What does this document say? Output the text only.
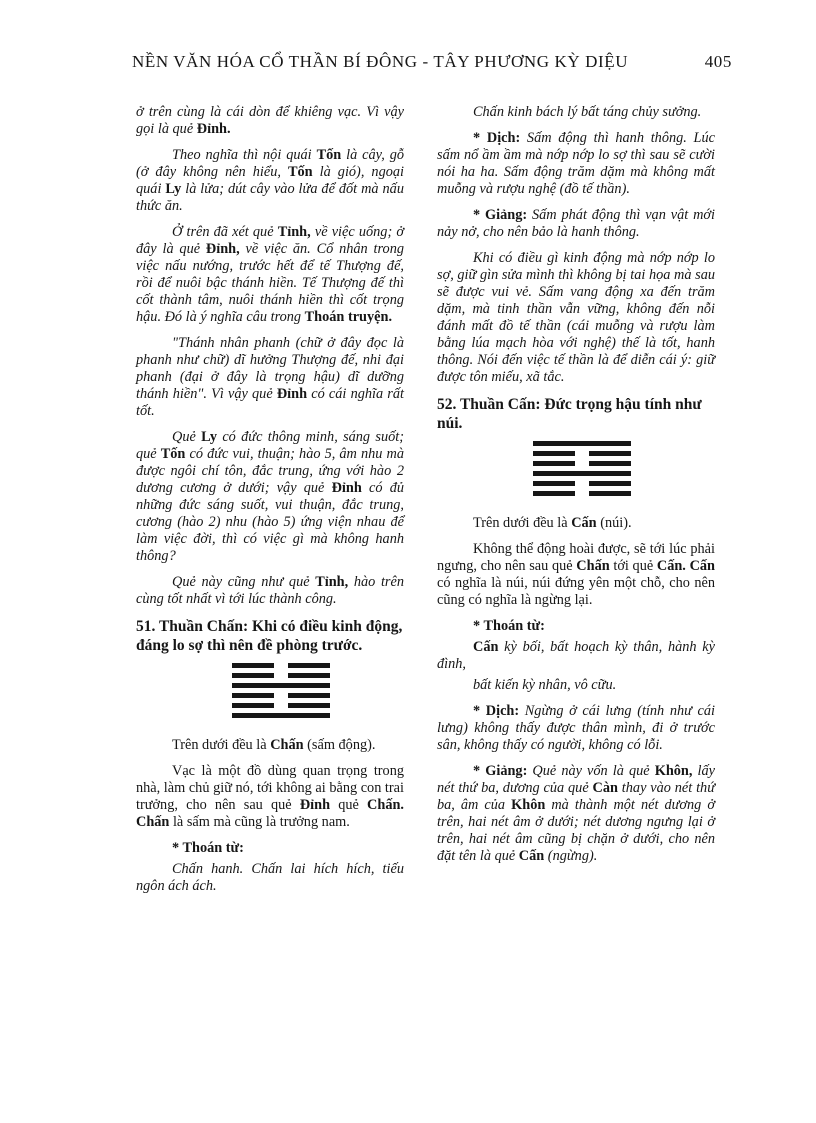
NỀN VĂN HÓA CỔ THẦN BÍ ĐÔNG - TÂY PHƯƠNG KỲ DIỆU	405

ở trên cùng là cái dòn để khiêng vạc. Vì vậy gọi là quẻ Đỉnh.

Theo nghĩa thì nội quái Tốn là cây, gỗ (ở đây không nên hiểu, Tốn là gió), ngoại quái Ly là lửa; dút cây vào lửa để đốt mà nấu thức ăn.

Ở trên đã xét quẻ Tỉnh, về việc uống; ở đây là quẻ Đỉnh, về việc ăn. Cổ nhân trong việc nấu nướng, trước hết để tế Thượng đế, rồi để nuôi bậc thánh hiền. Tế Thượng đế thì cốt thành tâm, nuôi thánh hiền thì cốt trọng hậu. Đó là ý nghĩa câu trong Thoán truyện.

"Thánh nhân phanh (chữ ở đây đọc là phanh như chữ) dĩ hưởng Thượng đế, nhi đại phanh (đại ở đây là trọng hậu) dĩ dưỡng thánh hiền". Vì vậy quẻ Đỉnh có cái nghĩa rất tốt.

Quẻ Ly có đức thông minh, sáng suốt; quẻ Tốn có đức vui, thuận; hào 5, âm nhu mà được ngôi chí tôn, đắc trung, ứng với hào 2 dương cương ở dưới; vậy quẻ Đỉnh có đủ những đức sáng suốt, vui thuận, đắc trung, cương (hào 2) nhu (hào 5) ứng viện nhau để làm việc đời, thì có việc gì mà không hanh thông?

Quẻ này cũng như quẻ Tỉnh, hào trên cùng tốt nhất vì tới lúc thành công.

51. Thuần Chấn: Khi có điều kinh động, đáng lo sợ thì nên đề phòng trước.

Trên dưới đều là Chấn (sấm động).

Vạc là một đồ dùng quan trọng trong nhà, làm chủ giữ nó, tới không ai bằng con trai trưởng, cho nên sau quẻ Đỉnh quẻ Chấn. Chấn là sấm mà cũng là trưởng nam.

* Thoán từ:

Chấn hanh. Chấn lai hích hích, tiếu ngôn ách ách.

Chấn kinh bách lý bất táng chủy sưởng.

* Dịch: Sấm động thì hanh thông. Lúc sấm nổ ầm ầm mà nớp nớp lo sợ thì sau sẽ cười nói ha ha. Sấm động trăm dặm mà không mất muỗng và rượu nghệ (đồ tế thần).

* Giảng: Sấm phát động thì vạn vật mới nảy nở, cho nên bảo là hanh thông.

Khi có điều gì kinh động mà nớp nớp lo sợ, giữ gìn sửa mình thì không bị tai họa mà sau sẽ được vui vẻ. Sấm vang động xa đến trăm dặm, mà tinh thần vẫn vững, không đến nỗi đánh mất đồ tế thần (cái muỗng và rượu làm bằng lúa mạch hòa với nghệ) thế là tốt, hanh thông. Nói đến việc tế thần là để diễn cái ý: giữ được tôn miếu, xã tắc.

52. Thuần Cấn: Đức trọng hậu tính như núi.

Trên dưới đều là Cấn (núi).

Không thể động hoài được, sẽ tới lúc phải ngưng, cho nên sau quẻ Chấn tới quẻ Cấn. Cấn có nghĩa là núi, núi đứng yên một chỗ, cho nên cũng có nghĩa là ngừng lại.

* Thoán từ:

Cấn kỳ bối, bất hoạch kỳ thân, hành kỳ đình,

bất kiến kỳ nhân, vô cữu.

* Dịch: Ngừng ở cái lưng (tính như cái lưng) không thấy được thân mình, đi ở trước sân, không thấy có người, không có lỗi.

* Giảng: Quẻ này vốn là quẻ Khôn, lấy nét thứ ba, dương của quẻ Càn thay vào nét thứ ba, âm của Khôn mà thành một nét dương ở trên, hai nét âm ở dưới; nét dương ngưng lại ở trên, hai nét âm cũng bị chặn ở dưới, cho nên đặt tên là quẻ Cấn (ngừng).
